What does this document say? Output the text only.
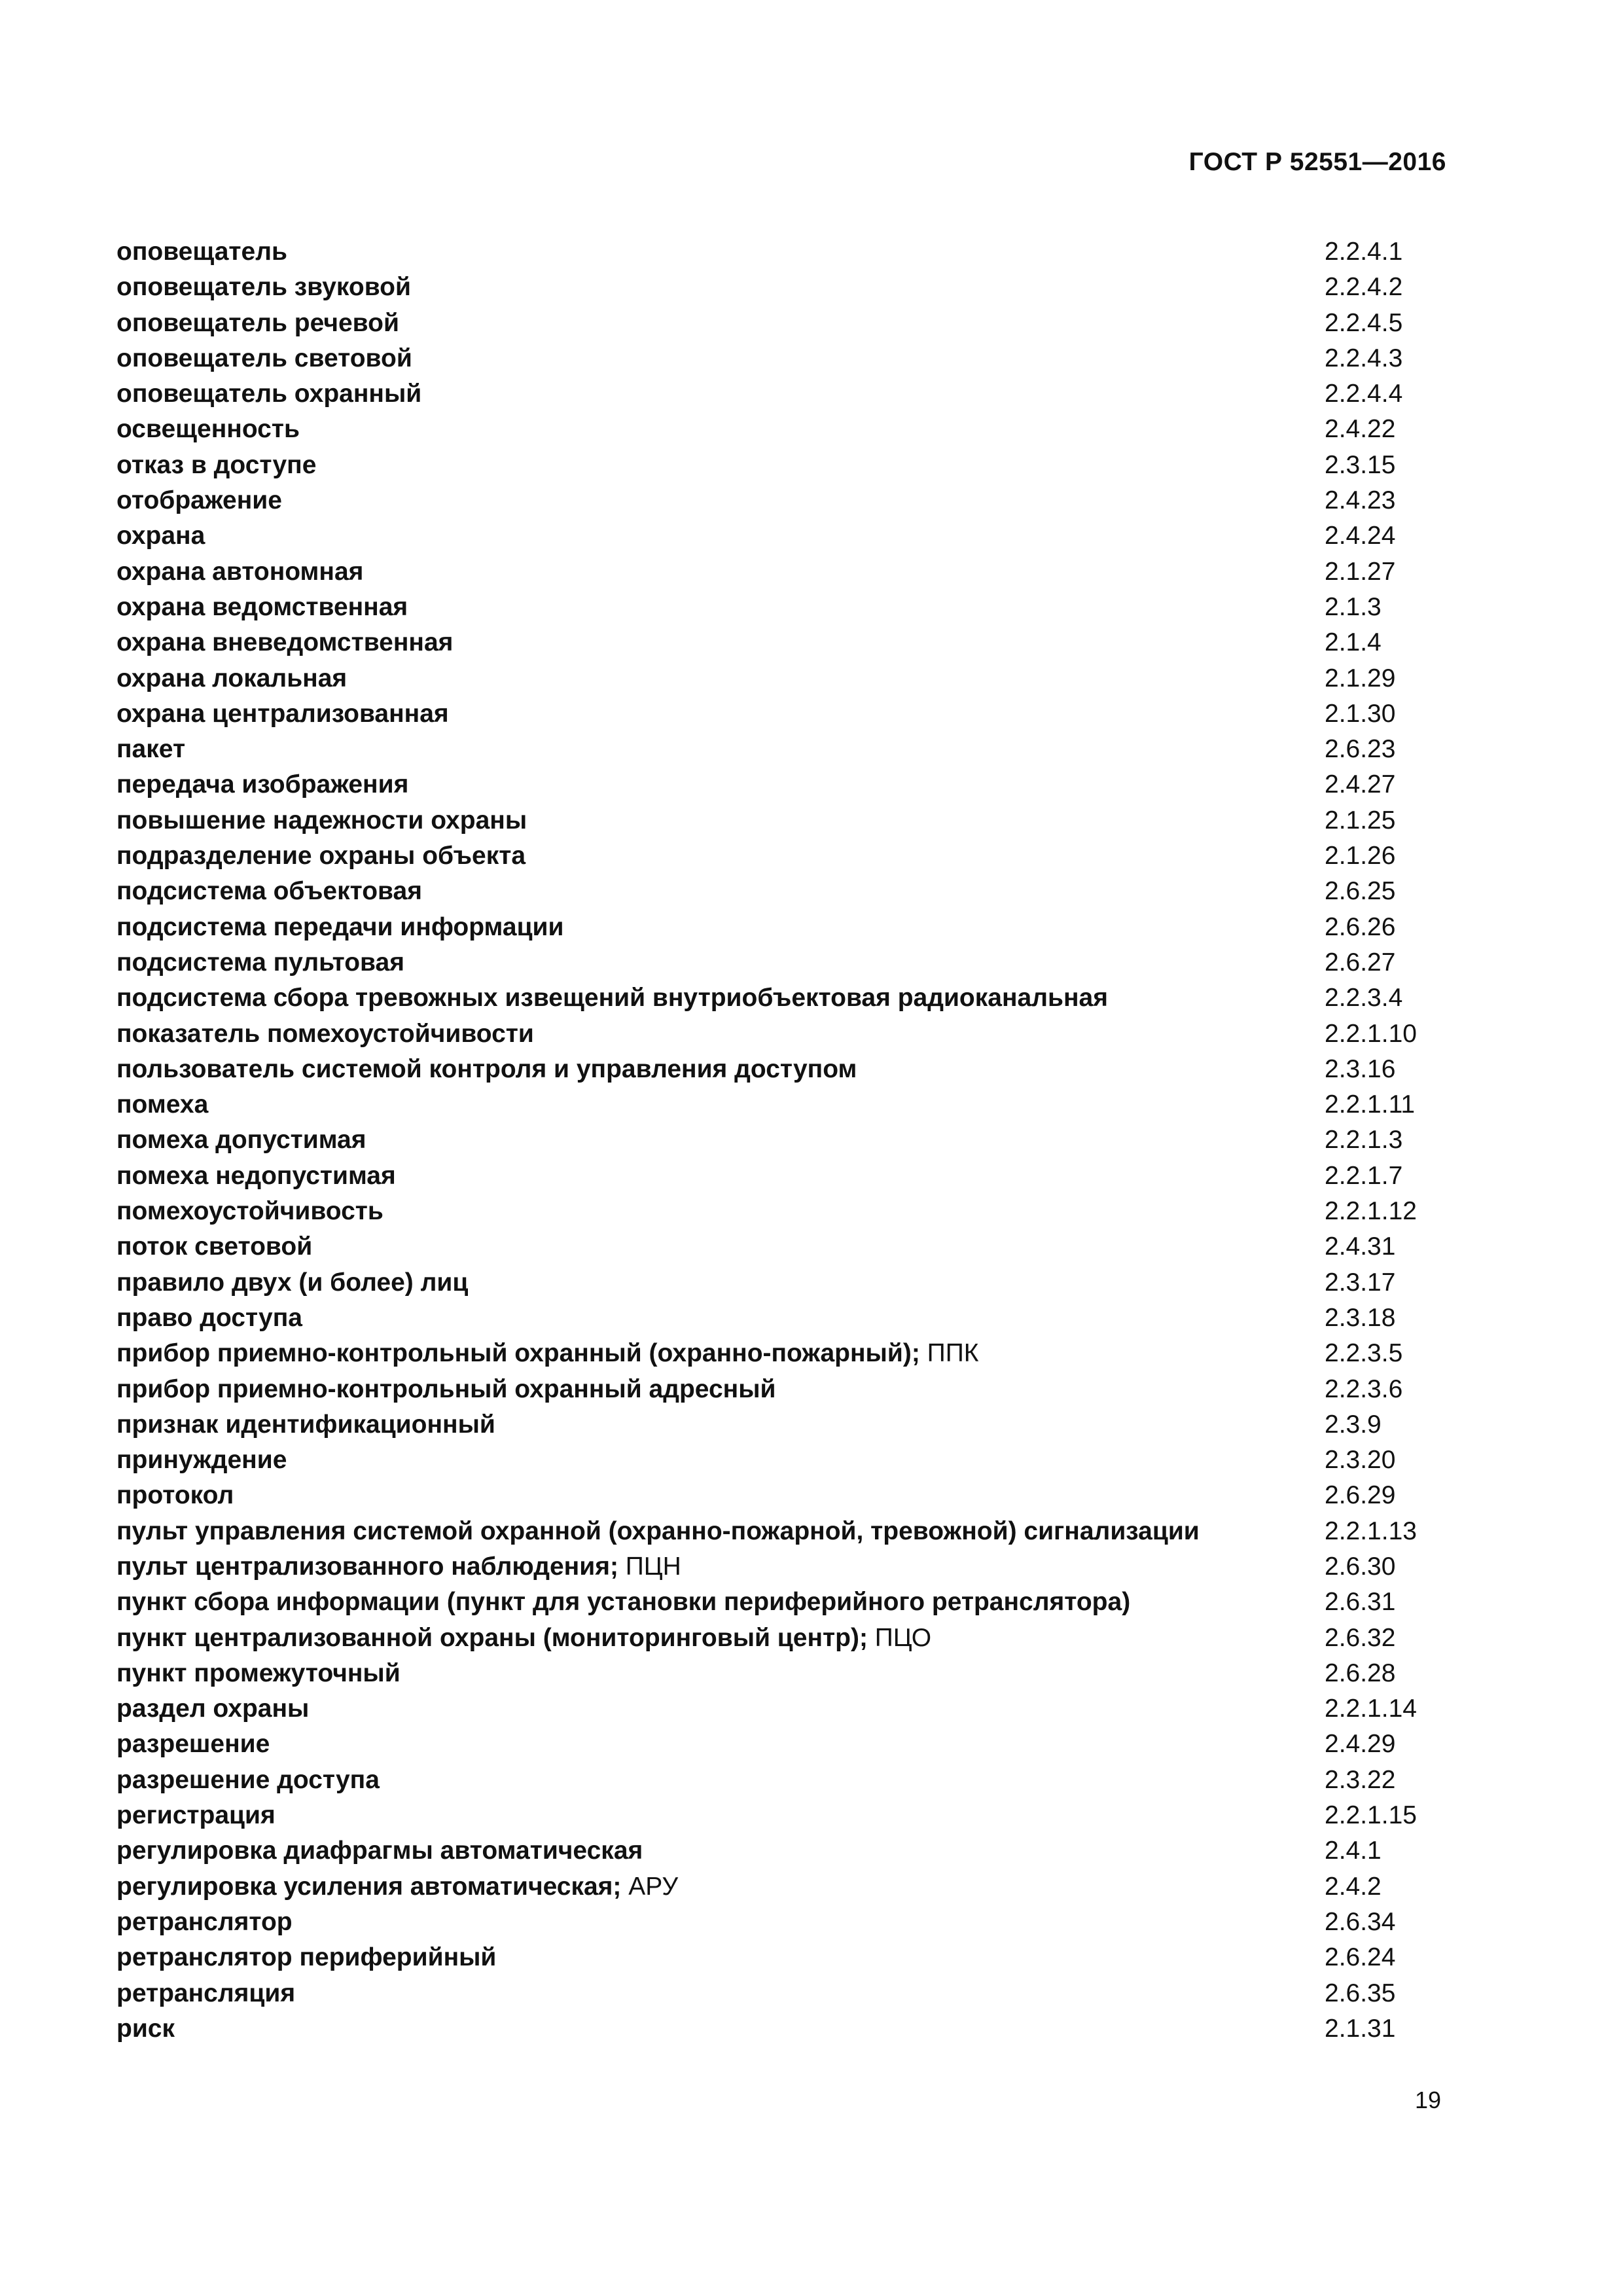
ГОСТ Р 52551—2016
оповещатель	2.2.4.1
оповещатель звуковой	2.2.4.2
оповещатель речевой	2.2.4.5
оповещатель световой	2.2.4.3
оповещатель охранный	2.2.4.4
освещенность	2.4.22
отказ в доступе	2.3.15
отображение	2.4.23
охрана	2.4.24
охрана автономная	2.1.27
охрана ведомственная	2.1.3
охрана вневедомственная	2.1.4
охрана локальная	2.1.29
охрана централизованная	2.1.30
пакет	2.6.23
передача изображения	2.4.27
повышение надежности охраны	2.1.25
подразделение охраны объекта	2.1.26
подсистема объектовая	2.6.25
подсистема передачи информации	2.6.26
подсистема пультовая	2.6.27
подсистема сбора тревожных извещений внутриобъектовая радиоканальная	2.2.3.4
показатель помехоустойчивости	2.2.1.10
пользователь системой контроля и управления доступом	2.3.16
помеха	2.2.1.11
помеха допустимая	2.2.1.3
помеха недопустимая	2.2.1.7
помехоустойчивость	2.2.1.12
поток световой	2.4.31
правило двух (и более) лиц	2.3.17
право доступа	2.3.18
прибор приемно-контрольный охранный (охранно-пожарный); ППК	2.2.3.5
прибор приемно-контрольный охранный адресный	2.2.3.6
признак идентификационный	2.3.9
принуждение	2.3.20
протокол	2.6.29
пульт управления системой охранной (охранно-пожарной, тревожной) сигнализации	2.2.1.13
пульт централизованного наблюдения; ПЦН	2.6.30
пункт сбора информации (пункт для установки периферийного ретранслятора)	2.6.31
пункт централизованной охраны (мониторинговый центр); ПЦО	2.6.32
пункт промежуточный	2.6.28
раздел охраны	2.2.1.14
разрешение	2.4.29
разрешение доступа	2.3.22
регистрация	2.2.1.15
регулировка диафрагмы автоматическая	2.4.1
регулировка усиления автоматическая; АРУ	2.4.2
ретранслятор	2.6.34
ретранслятор периферийный	2.6.24
ретрансляция	2.6.35
риск	2.1.31
19
